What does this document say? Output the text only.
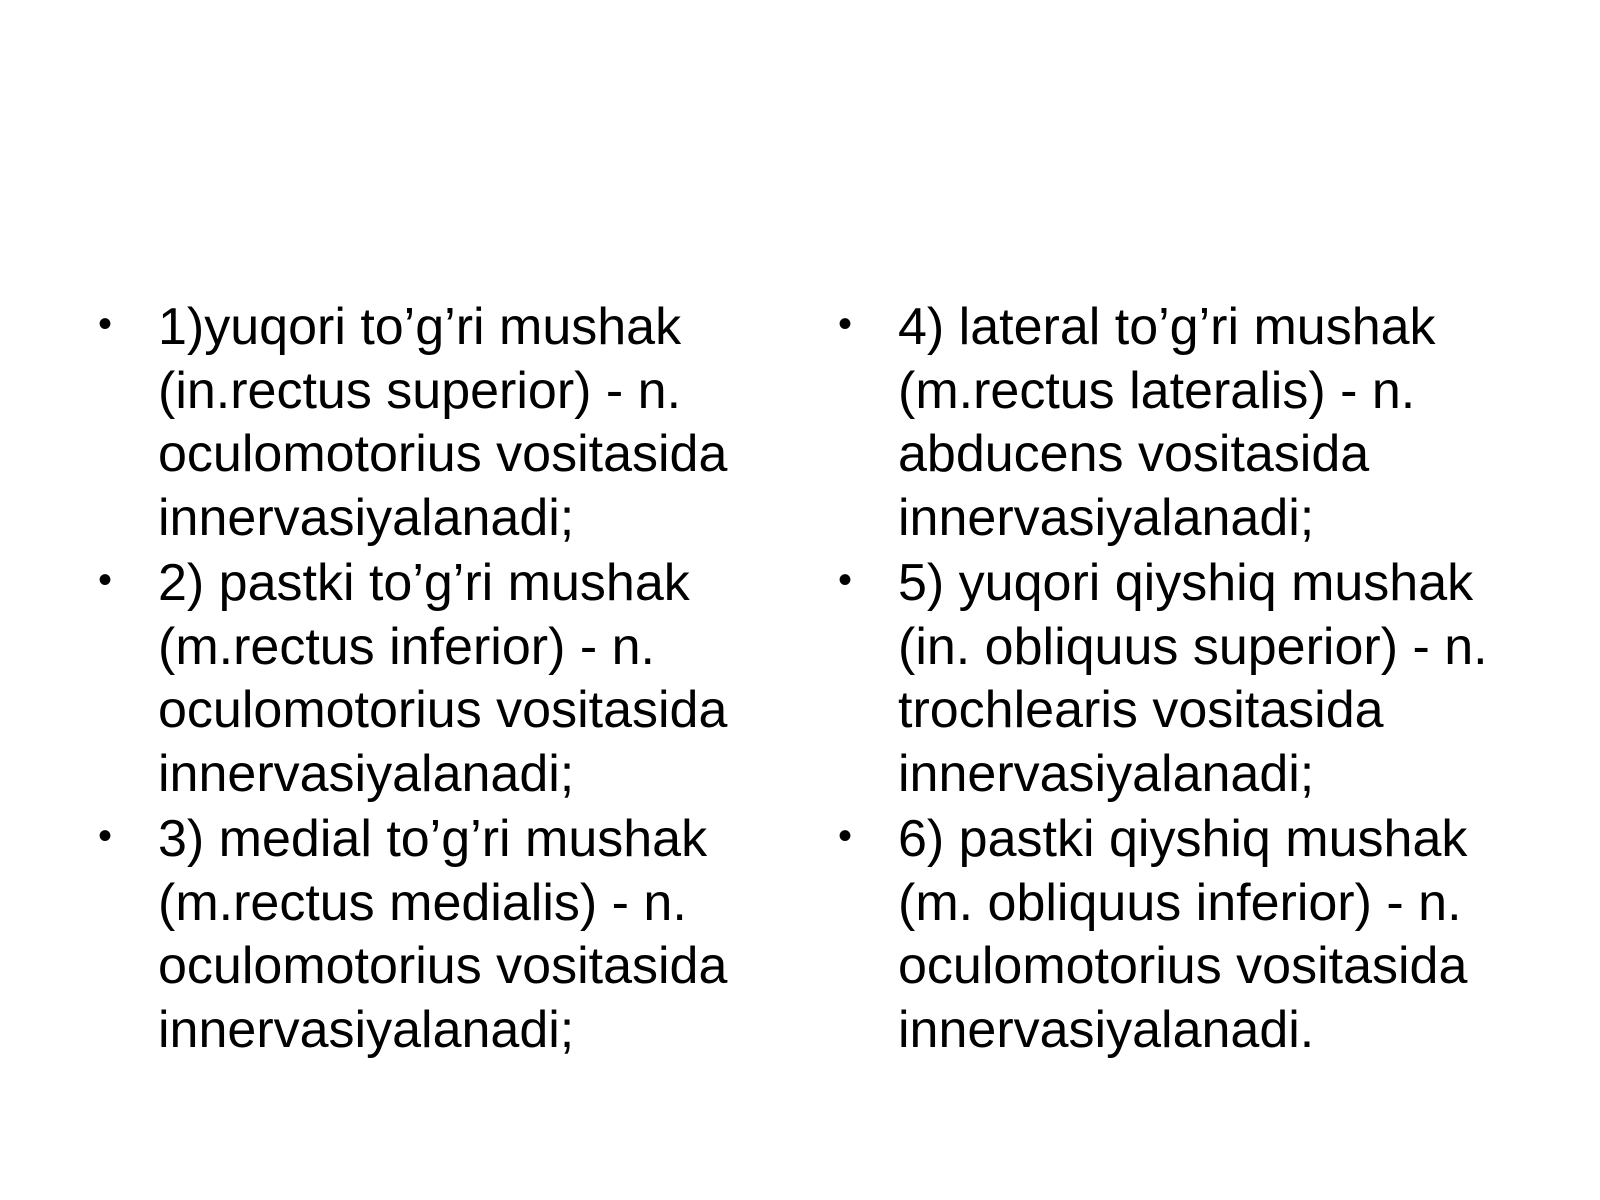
• 1)yuqori to’g’ri mushak
(in.rectus superior) - n.
oculomotorius vositasida
innervasiyalanadi;
• 2) pastki to’g’ri mushak
(m.rectus inferior) - n.
oculomotorius vositasida
innervasiyalanadi;
• 3) medial to’g’ri mushak
(m.rectus medialis) - n.
oculomotorius vositasida
innervasiyalanadi;
• 4) lateral to’g’ri mushak
(m.rectus lateralis) - n.
abducens vositasida
innervasiyalanadi;
• 5) yuqori qiyshiq mushak
(in. obliquus superior) - n.
trochlearis vositasida
innervasiyalanadi;
• 6) pastki qiyshiq mushak
(m. obliquus inferior) - n.
oculomotorius vositasida
innervasiyalanadi.
